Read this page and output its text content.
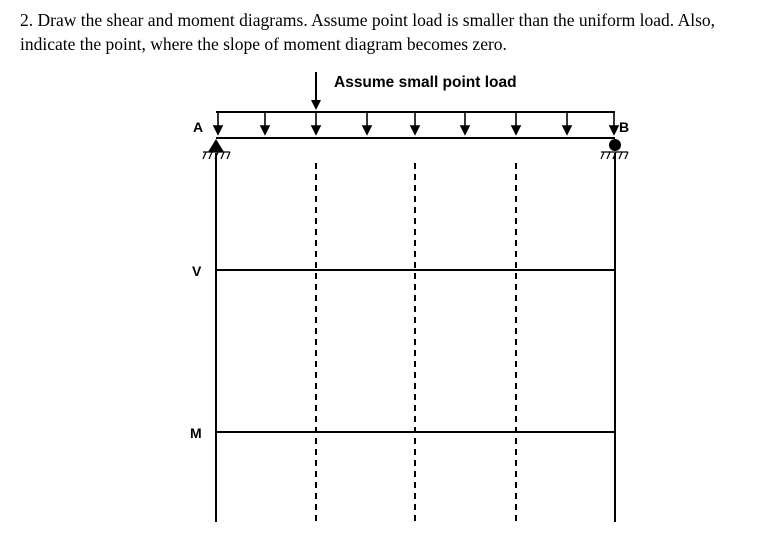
2. Draw the shear and moment diagrams. Assume point load is smaller than the uniform load. Also,
indicate the point, where the slope of moment diagram becomes zero.
Assume small point load
A	B
V
M
